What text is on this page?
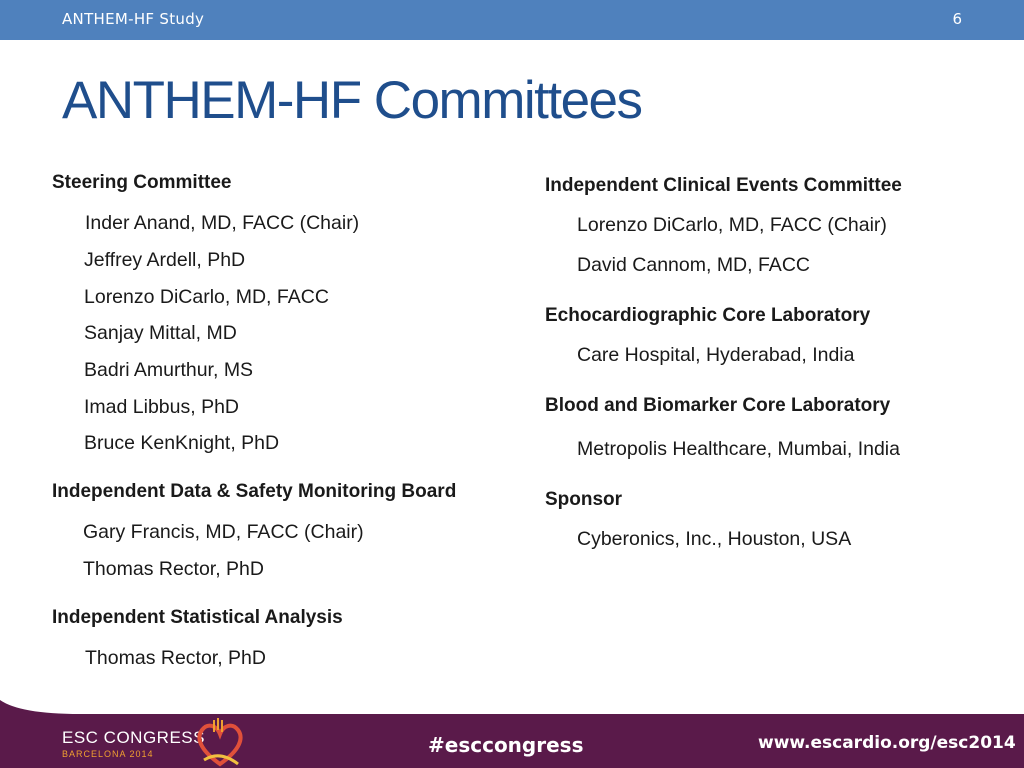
ANTHEM-HF Study	6
ANTHEM-HF Committees
Steering Committee
Inder Anand, MD, FACC (Chair)
Jeffrey Ardell, PhD
Lorenzo DiCarlo, MD, FACC
Sanjay Mittal, MD
Badri Amurthur, MS
Imad Libbus, PhD
Bruce KenKnight, PhD
Independent Data & Safety Monitoring Board
Gary Francis, MD, FACC (Chair)
Thomas Rector, PhD
Independent Statistical Analysis
Thomas Rector, PhD
Independent Clinical Events Committee
Lorenzo DiCarlo, MD, FACC (Chair)
David Cannom, MD, FACC
Echocardiographic Core Laboratory
Care Hospital, Hyderabad, India
Blood and Biomarker Core Laboratory
Metropolis Healthcare, Mumbai, India
Sponsor
Cyberonics, Inc., Houston, USA
ESC CONGRESS
BARCELONA 2014	#esccongress	www.escardio.org/esc2014
